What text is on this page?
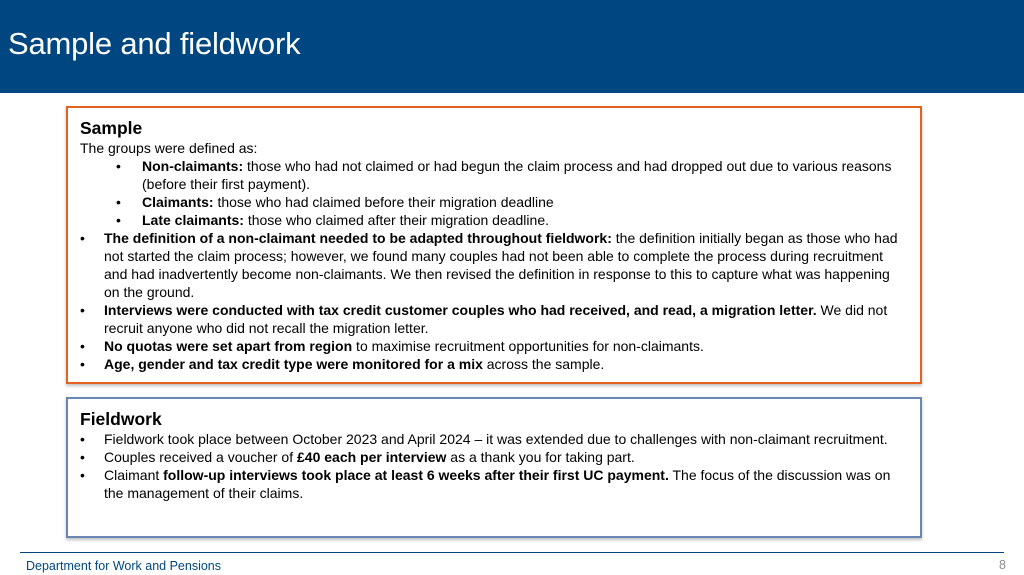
Sample and fieldwork
Sample

The groups were defined as:

• Non-claimants: those who had not claimed or had begun the claim process and had dropped out due to various reasons (before their first payment).
• Claimants: those who had claimed before their migration deadline
• Late claimants: those who claimed after their migration deadline.
• The definition of a non-claimant needed to be adapted throughout fieldwork: the definition initially began as those who had not started the claim process; however, we found many couples had not been able to complete the process during recruitment and had inadvertently become non-claimants. We then revised the definition in response to this to capture what was happening on the ground.
• Interviews were conducted with tax credit customer couples who had received, and read, a migration letter. We did not recruit anyone who did not recall the migration letter.
• No quotas were set apart from region to maximise recruitment opportunities for non-claimants.
• Age, gender and tax credit type were monitored for a mix across the sample.
Fieldwork
• Fieldwork took place between October 2023 and April 2024 – it was extended due to challenges with non-claimant recruitment.
• Couples received a voucher of £40 each per interview as a thank you for taking part.
• Claimant follow-up interviews took place at least 6 weeks after their first UC payment. The focus of the discussion was on the management of their claims.
Department for Work and Pensions	8
